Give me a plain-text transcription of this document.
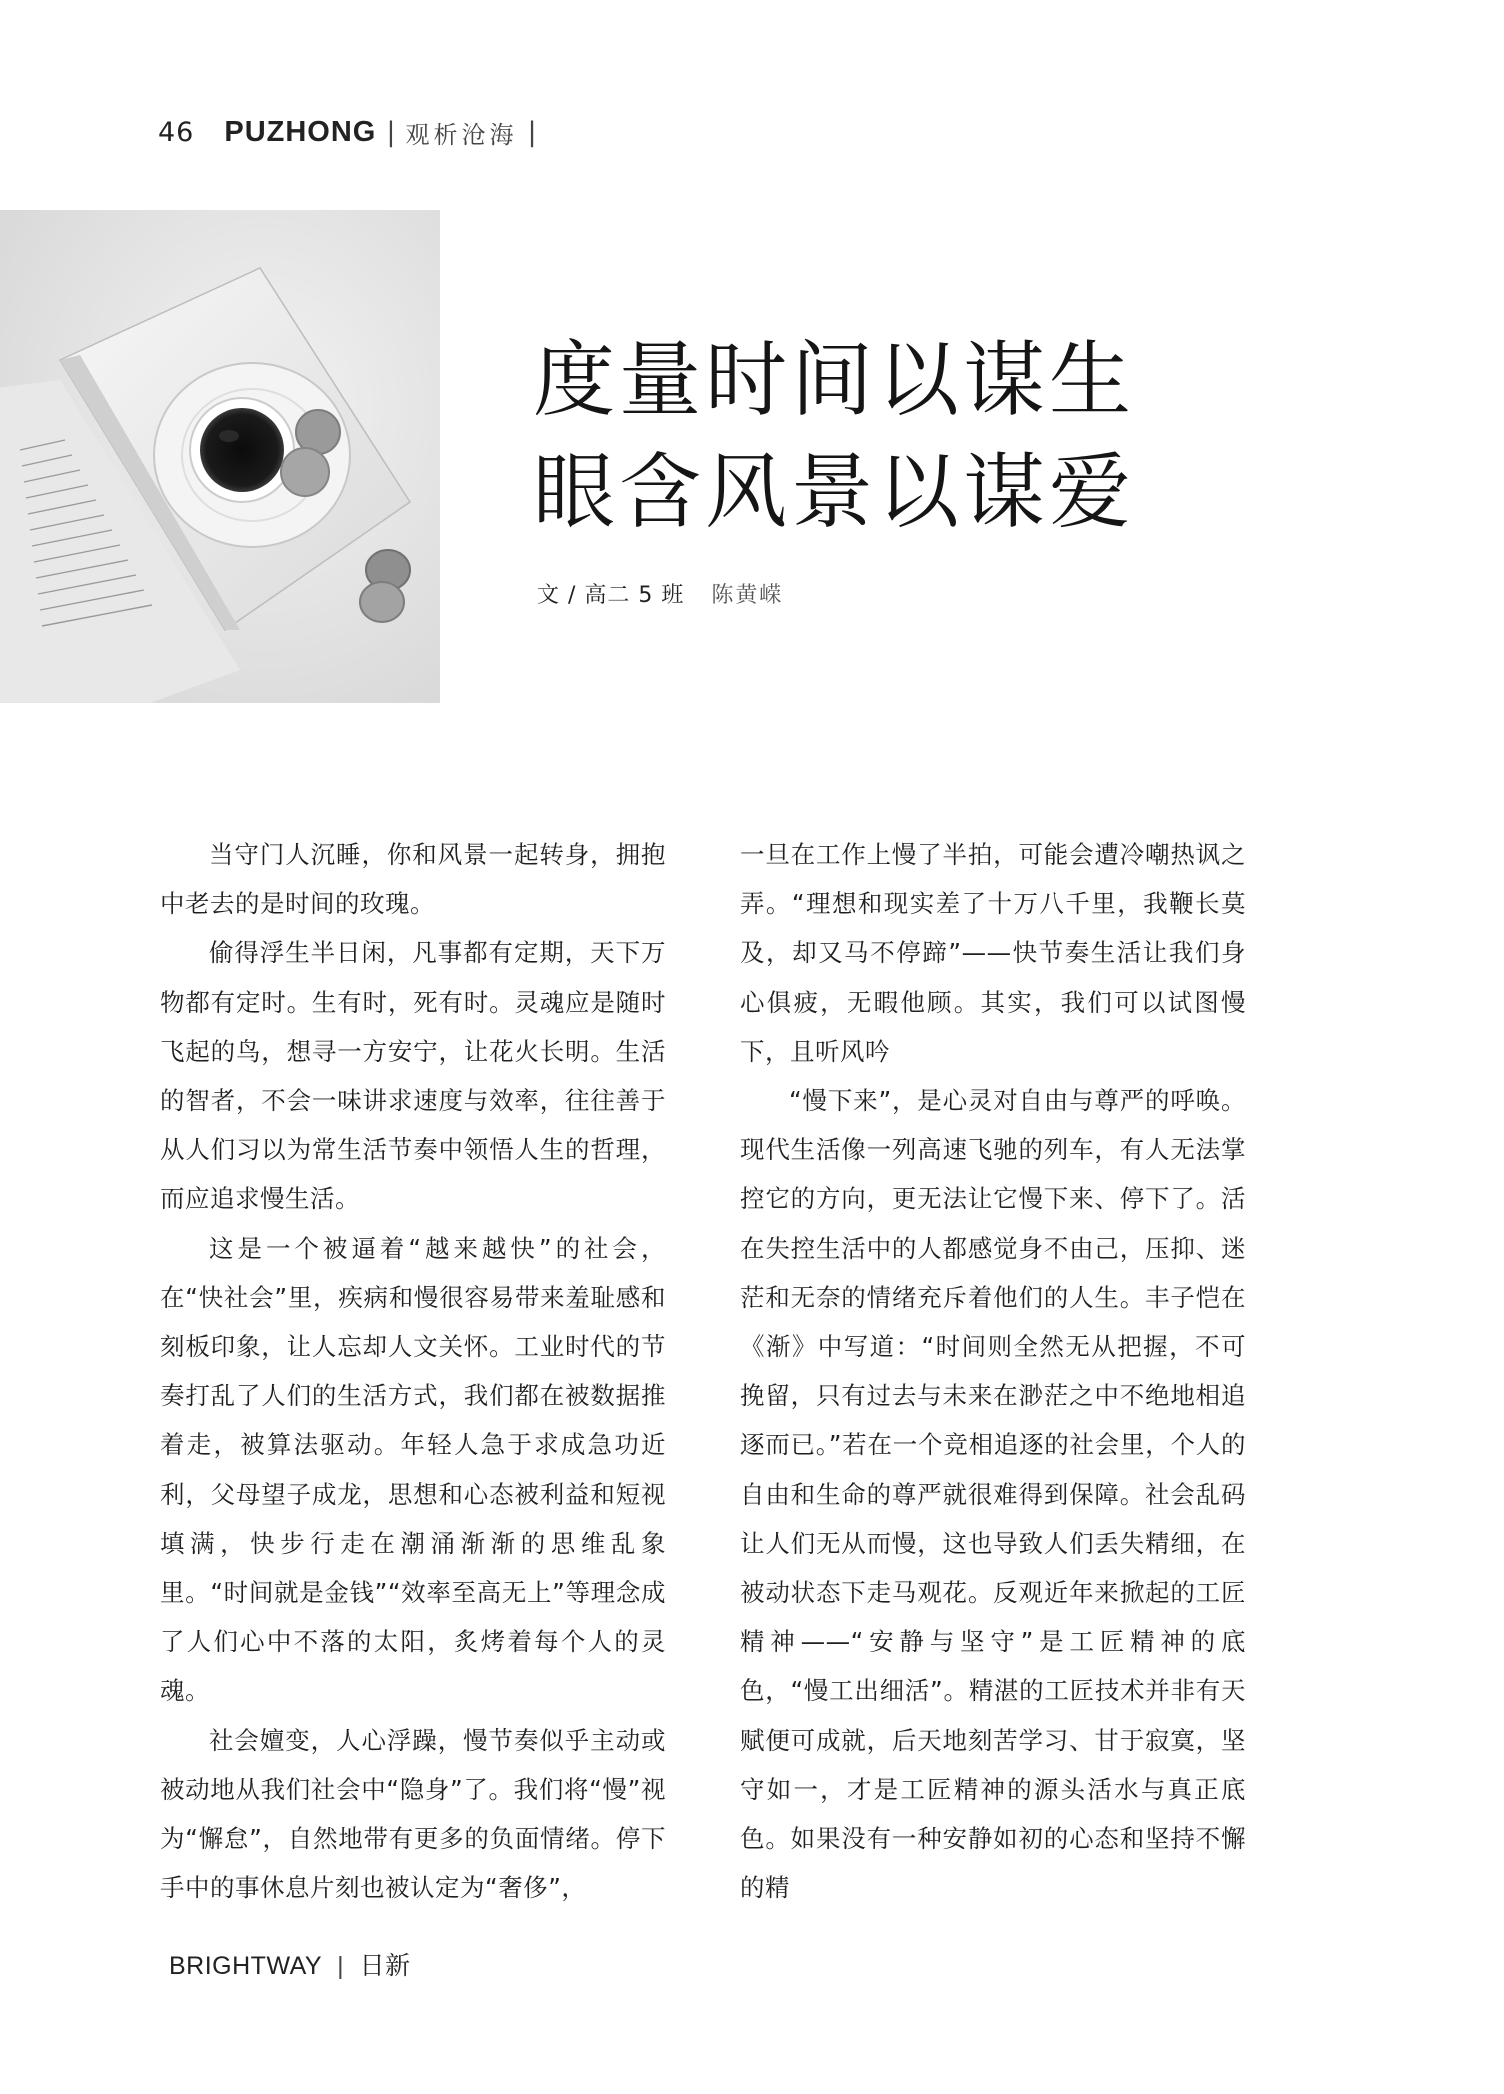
46 PUZHONG | 观析沧海 |
度量时间以谋生
眼含风景以谋爱
文 / 高二 5 班 陈黄嵘

当守门人沉睡，你和风景一起转身，拥抱中老去的是时间的玫瑰。

偷得浮生半日闲，凡事都有定期，天下万物都有定时。生有时，死有时。灵魂应是随时飞起的鸟，想寻一方安宁，让花火长明。生活的智者，不会一味讲求速度与效率，往往善于从人们习以为常生活节奏中领悟人生的哲理，而应追求慢生活。

这是一个被逼着“越来越快”的社会，在“快社会”里，疾病和慢很容易带来羞耻感和刻板印象，让人忘却人文关怀。工业时代的节奏打乱了人们的生活方式，我们都在被数据推着走，被算法驱动。年轻人急于求成急功近利，父母望子成龙，思想和心态被利益和短视填满，快步行走在潮涌渐渐的思维乱象里。“时间就是金钱”“效率至高无上”等理念成了人们心中不落的太阳，炙烤着每个人的灵魂。

社会嬗变，人心浮躁，慢节奏似乎主动或被动地从我们社会中“隐身”了。我们将“慢”视为“懈怠”，自然地带有更多的负面情绪。停下手中的事休息片刻也被认定为“奢侈”，

一旦在工作上慢了半拍，可能会遭冷嘲热讽之弄。“理想和现实差了十万八千里，我鞭长莫及，却又马不停蹄”——快节奏生活让我们身心俱疲，无暇他顾。其实，我们可以试图慢下，且听风吟

“慢下来”，是心灵对自由与尊严的呼唤。现代生活像一列高速飞驰的列车，有人无法掌控它的方向，更无法让它慢下来、停下了。活在失控生活中的人都感觉身不由己，压抑、迷茫和无奈的情绪充斥着他们的人生。丰子恺在《渐》中写道：“时间则全然无从把握，不可挽留，只有过去与未来在渺茫之中不绝地相追逐而已。”若在一个竞相追逐的社会里，个人的自由和生命的尊严就很难得到保障。社会乱码让人们无从而慢，这也导致人们丢失精细，在被动状态下走马观花。反观近年来掀起的工匠精神——“安静与坚守”是工匠精神的底色，“慢工出细活”。精湛的工匠技术并非有天赋便可成就，后天地刻苦学习、甘于寂寞，坚守如一，才是工匠精神的源头活水与真正底色。如果没有一种安静如初的心态和坚持不懈的精

BRIGHTWAY | 日新
